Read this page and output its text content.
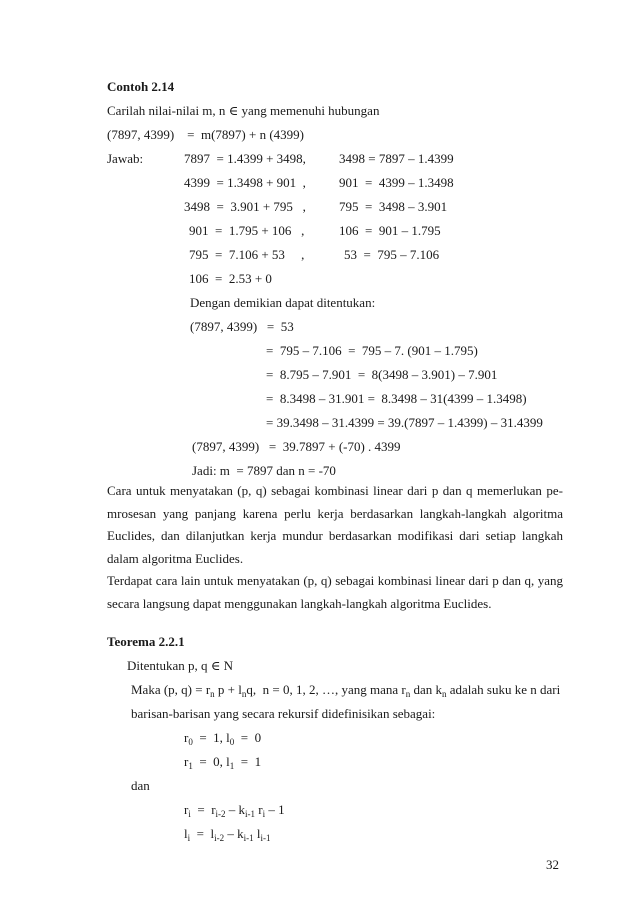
Contoh 2.14
Carilah nilai-nilai m, n ∈ yang memenuhi hubungan
(7897, 4399)    =  m(7897) + n (4399)
Jawab:	7897  = 1.4399 + 3498,
4399  = 1.3498 + 901  ,
3498  =  3.901 + 795   ,
901  =  1.795 + 106   ,
795  =  7.106 + 53     ,
106  =  2.53 + 0
3498 = 7897 – 1.4399
901  =  4399 – 1.3498
795  =  3498 – 3.901
106  =  901 – 1.795
53  =  795 – 7.106
Dengan demikian dapat ditentukan:
(7897, 4399)   =  53
=  795 – 7.106  =  795 – 7. (901 – 1.795)
=  8.795 – 7.901  =  8(3498 – 3.901) – 7.901
=  8.3498 – 31.901 =  8.3498 – 31(4399 – 1.3498)
= 39.3498 – 31.4399 = 39.(7897 – 1.4399) – 31.4399
(7897, 4399)   =  39.7897 + (-70) . 4399
Jadi: m  = 7897 dan n = -70
Cara untuk menyatakan (p, q) sebagai kombinasi linear dari p dan q memerlukan pe-mrosesan yang panjang karena perlu kerja berdasarkan langkah-langkah algoritma Euclides, dan dilanjutkan kerja mundur berdasarkan modifikasi dari setiap langkah dalam algoritma Euclides.
Terdapat cara lain untuk menyatakan (p, q) sebagai kombinasi linear dari p dan q, yang secara langsung dapat menggunakan langkah-langkah algoritma Euclides.
Teorema 2.2.1
Ditentukan p, q ∈ N
Maka (p, $q) = r_n$ $p + l_nq$,  n = 0, 1, 2, …, yang mana $r_n$ dan $k_n$ adalah suku ke n dari
barisan-barisan yang secara rekursif didefinisikan sebagai:
$r_0 = 1$, $l_0 = 0$
$r_1 = 0$, $l_1 = 1$
dan
$r_i = r_{i-2} - k_{i-1}$ $r_i - 1$
$l_i = l_{i-2} - k_{i-1}$ $l_{i-1}$
32
